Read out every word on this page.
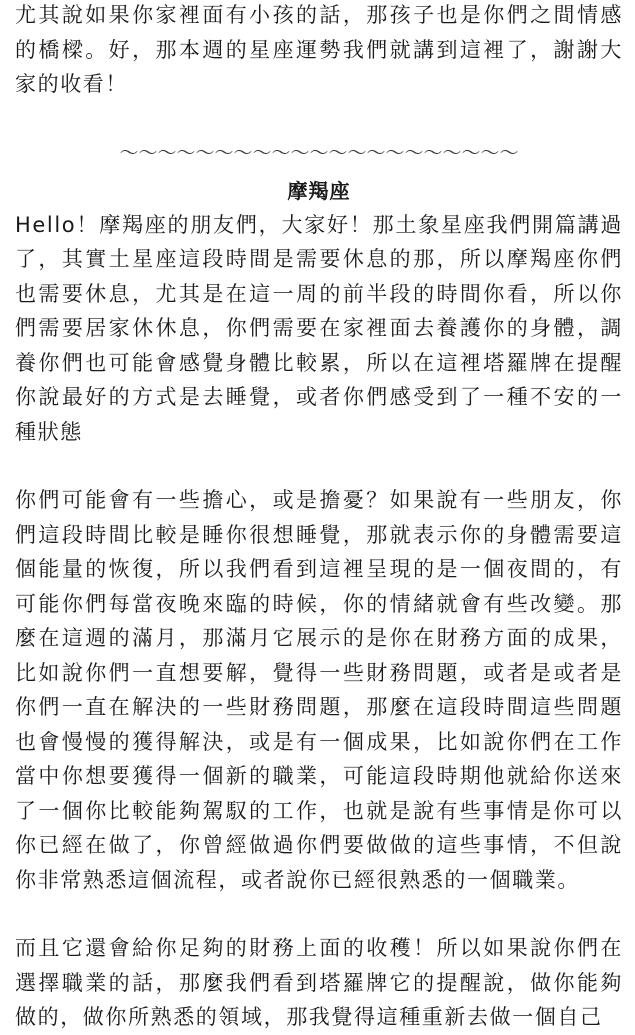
尤其說如果你家裡面有小孩的話，那孩子也是你們之間情感的橋樑。好，那本週的星座運勢我們就講到這裡了，謝謝大家的收看！

～～～～～～～～～～～～～～～～～～～～～
摩羯座

Hello！摩羯座的朋友們，大家好！那土象星座我們開篇講過了，其實土星座這段時間是需要休息的那，所以摩羯座你們也需要休息，尤其是在這一周的前半段的時間你看，所以你們需要居家休休息，你們需要在家裡面去養護你的身體，調養你們也可能會感覺身體比較累，所以在這裡塔羅牌在提醒你說最好的方式是去睡覺，或者你們感受到了一種不安的一種狀態

你們可能會有一些擔心，或是擔憂？如果說有一些朋友，你們這段時間比較是睡你很想睡覺，那就表示你的身體需要這個能量的恢復，所以我們看到這裡呈現的是一個夜間的，有可能你們每當夜晚來臨的時候，你的情緒就會有些改變。那麼在這週的滿月，那滿月它展示的是你在財務方面的成果，比如說你們一直想要解，覺得一些財務問題，或者是或者是你們一直在解決的一些財務問題，那麼在這段時間這些問題也會慢慢的獲得解決，或是有一個成果，比如說你們在工作當中你想要獲得一個新的職業，可能這段時期他就給你送來了一個你比較能夠駕馭的工作，也就是說有些事情是你可以你已經在做了，你曾經做過你們要做做的這些事情，不但說你非常熟悉這個流程，或者說你已經很熟悉的一個職業。

而且它還會給你足夠的財務上面的收穫！所以如果說你們在選擇職業的話，那麼我們看到塔羅牌它的提醒說，做你能夠做的，做你所熟悉的領域，那我覺得這種重新去做一個自己
